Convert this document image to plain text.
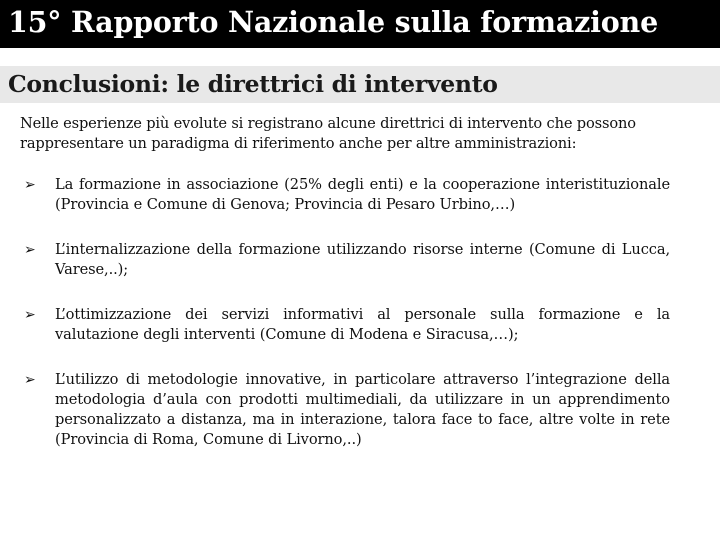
15° Rapporto Nazionale sulla formazione
Conclusioni: le direttrici di intervento

Nelle esperienze più evolute si registrano alcune direttrici di intervento che possono rappresentare un paradigma di riferimento anche per altre amministrazioni:

➢ La formazione in associazione (25% degli enti) e la cooperazione interistituzionale (Provincia e Comune di Genova; Provincia di Pesaro Urbino,…)
➢ L’internalizzazione della formazione utilizzando risorse interne (Comune di Lucca, Varese,..);
➢ L’ottimizzazione dei servizi informativi al personale sulla formazione e la valutazione degli interventi (Comune di Modena e Siracusa,…);
➢ L’utilizzo di metodologie innovative, in particolare attraverso l’integrazione della metodologia d’aula con prodotti multimediali, da utilizzare in un apprendimento personalizzato a distanza, ma in interazione, talora face to face, altre volte in rete (Provincia di Roma, Comune di Livorno,..)
